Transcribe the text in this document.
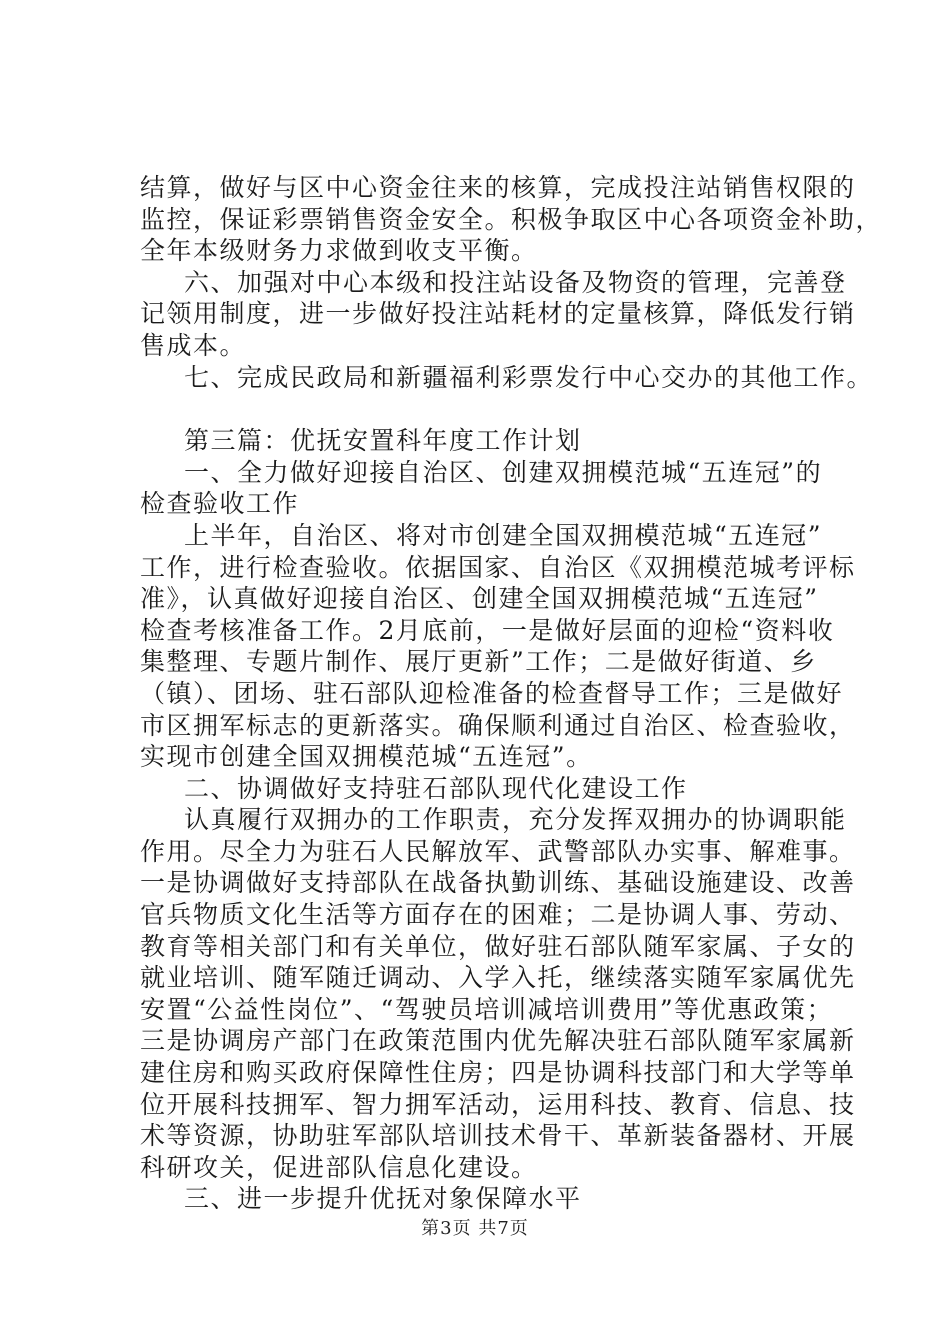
结算，做好与区中心资金往来的核算，完成投注站销售权限的
监控，保证彩票销售资金安全。积极争取区中心各项资金补助，
全年本级财务力求做到收支平衡。
六、加强对中心本级和投注站设备及物资的管理，完善登
记领用制度，进一步做好投注站耗材的定量核算，降低发行销
售成本。
七、完成民政局和新疆福利彩票发行中心交办的其他工作。
第三篇：优抚安置科年度工作计划
一、全力做好迎接自治区、创建双拥模范城“五连冠”的
检查验收工作
上半年，自治区、将对市创建全国双拥模范城“五连冠”
工作，进行检查验收。依据国家、自治区《双拥模范城考评标
准》，认真做好迎接自治区、创建全国双拥模范城“五连冠”
检查考核准备工作。2月底前，一是做好层面的迎检“资料收
集整理、专题片制作、展厅更新”工作；二是做好街道、乡
（镇）、团场、驻石部队迎检准备的检查督导工作；三是做好
市区拥军标志的更新落实。确保顺利通过自治区、检查验收，
实现市创建全国双拥模范城“五连冠”。
二、协调做好支持驻石部队现代化建设工作
认真履行双拥办的工作职责，充分发挥双拥办的协调职能
作用。尽全力为驻石人民解放军、武警部队办实事、解难事。
一是协调做好支持部队在战备执勤训练、基础设施建设、改善
官兵物质文化生活等方面存在的困难；二是协调人事、劳动、
教育等相关部门和有关单位，做好驻石部队随军家属、子女的
就业培训、随军随迁调动、入学入托，继续落实随军家属优先
安置“公益性岗位”、“驾驶员培训减培训费用”等优惠政策；
三是协调房产部门在政策范围内优先解决驻石部队随军家属新
建住房和购买政府保障性住房；四是协调科技部门和大学等单
位开展科技拥军、智力拥军活动，运用科技、教育、信息、技
术等资源，协助驻军部队培训技术骨干、革新装备器材、开展
科研攻关，促进部队信息化建设。
三、进一步提升优抚对象保障水平
第3页 共7页
